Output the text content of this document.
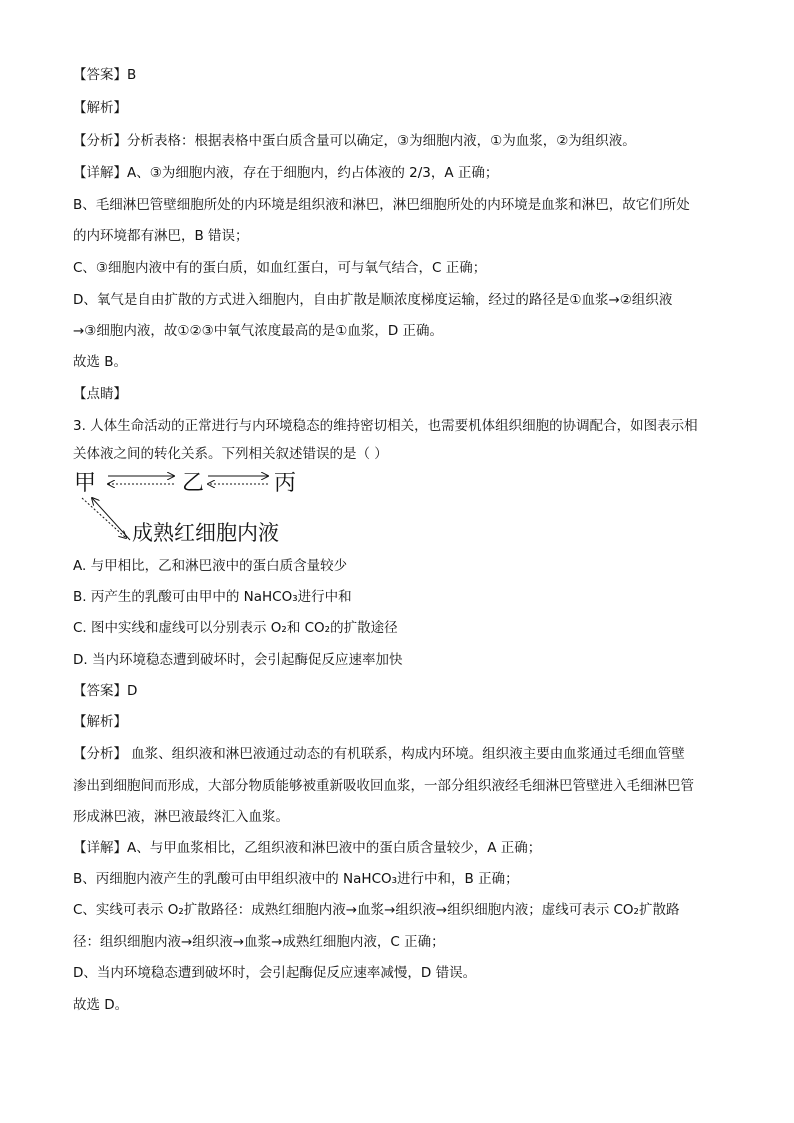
【答案】B
【解析】
【分析】分析表格：根据表格中蛋白质含量可以确定，③为细胞内液，①为血浆，②为组织液。
【详解】A、③为细胞内液，存在于细胞内，约占体液的 2/3，A 正确；
B、毛细淋巴管壁细胞所处的内环境是组织液和淋巴，淋巴细胞所处的内环境是血浆和淋巴，故它们所处
的内环境都有淋巴，B 错误；
C、③细胞内液中有的蛋白质，如血红蛋白，可与氧气结合，C 正确；
D、氧气是自由扩散的方式进入细胞内，自由扩散是顺浓度梯度运输，经过的路径是①血浆→②组织液
→③细胞内液，故①②③中氧气浓度最高的是①血浆，D 正确。
故选 B。
【点睛】
3. 人体生命活动的正常进行与内环境稳态的维持密切相关，也需要机体组织细胞的协调配合，如图表示相
关体液之间的转化关系。下列相关叙述错误的是（ ）
甲	乙	丙
成熟红细胞内液
A. 与甲相比，乙和淋巴液中的蛋白质含量较少
B. 丙产生的乳酸可由甲中的 NaHCO₃进行中和
C. 图中实线和虚线可以分别表示 O₂和 CO₂的扩散途径
D. 当内环境稳态遭到破坏时，会引起酶促反应速率加快
【答案】D
【解析】
【分析】 血浆、组织液和淋巴液通过动态的有机联系，构成内环境。组织液主要由血浆通过毛细血管壁
渗出到细胞间而形成，大部分物质能够被重新吸收回血浆，一部分组织液经毛细淋巴管壁进入毛细淋巴管
形成淋巴液，淋巴液最终汇入血浆。
【详解】A、与甲血浆相比，乙组织液和淋巴液中的蛋白质含量较少，A 正确；
B、丙细胞内液产生的乳酸可由甲组织液中的 NaHCO₃进行中和，B 正确；
C、实线可表示 O₂扩散路径：成熟红细胞内液→血浆→组织液→组织细胞内液；虚线可表示 CO₂扩散路
径：组织细胞内液→组织液→血浆→成熟红细胞内液，C 正确；
D、当内环境稳态遭到破坏时，会引起酶促反应速率减慢，D 错误。
故选 D。
